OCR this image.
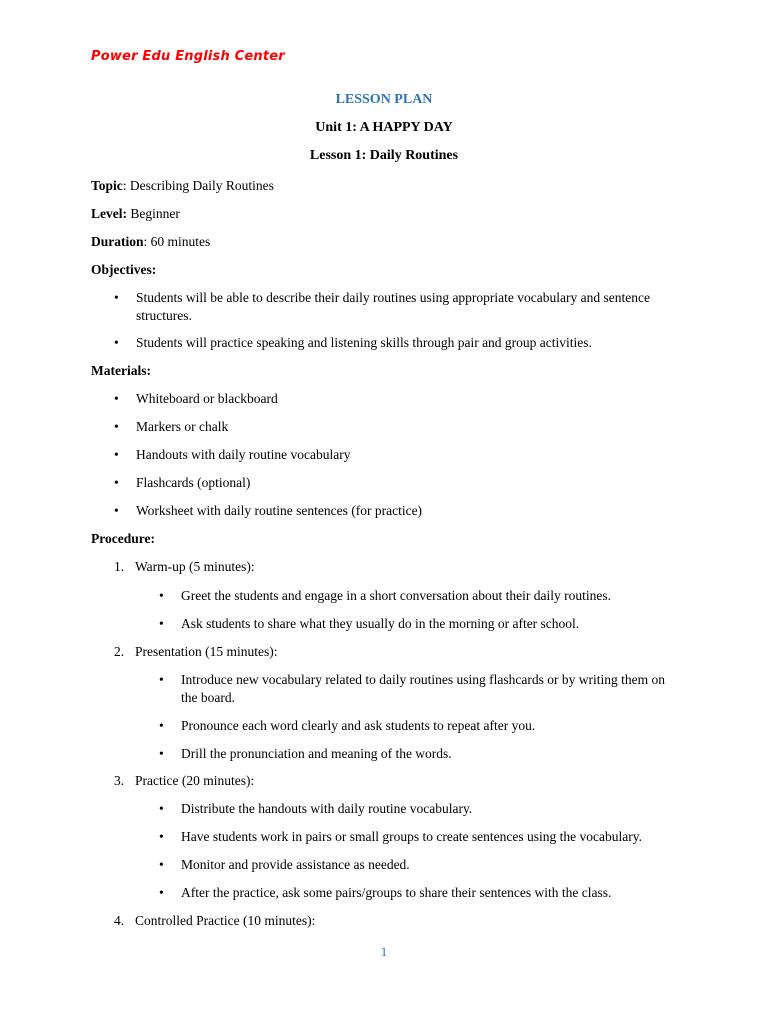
Power Edu English Center
LESSON PLAN
Unit 1: A HAPPY DAY
Lesson 1: Daily Routines
Topic: Describing Daily Routines
Level: Beginner
Duration: 60 minutes
Objectives:
• Students will be able to describe their daily routines using appropriate vocabulary and sentence structures.
• Students will practice speaking and listening skills through pair and group activities.
Materials:
• Whiteboard or blackboard
• Markers or chalk
• Handouts with daily routine vocabulary
• Flashcards (optional)
• Worksheet with daily routine sentences (for practice)
Procedure:
1. Warm-up (5 minutes):
• Greet the students and engage in a short conversation about their daily routines.
• Ask students to share what they usually do in the morning or after school.
2. Presentation (15 minutes):
• Introduce new vocabulary related to daily routines using flashcards or by writing them on the board.
• Pronounce each word clearly and ask students to repeat after you.
• Drill the pronunciation and meaning of the words.
3. Practice (20 minutes):
• Distribute the handouts with daily routine vocabulary.
• Have students work in pairs or small groups to create sentences using the vocabulary.
• Monitor and provide assistance as needed.
• After the practice, ask some pairs/groups to share their sentences with the class.
4. Controlled Practice (10 minutes):
1
